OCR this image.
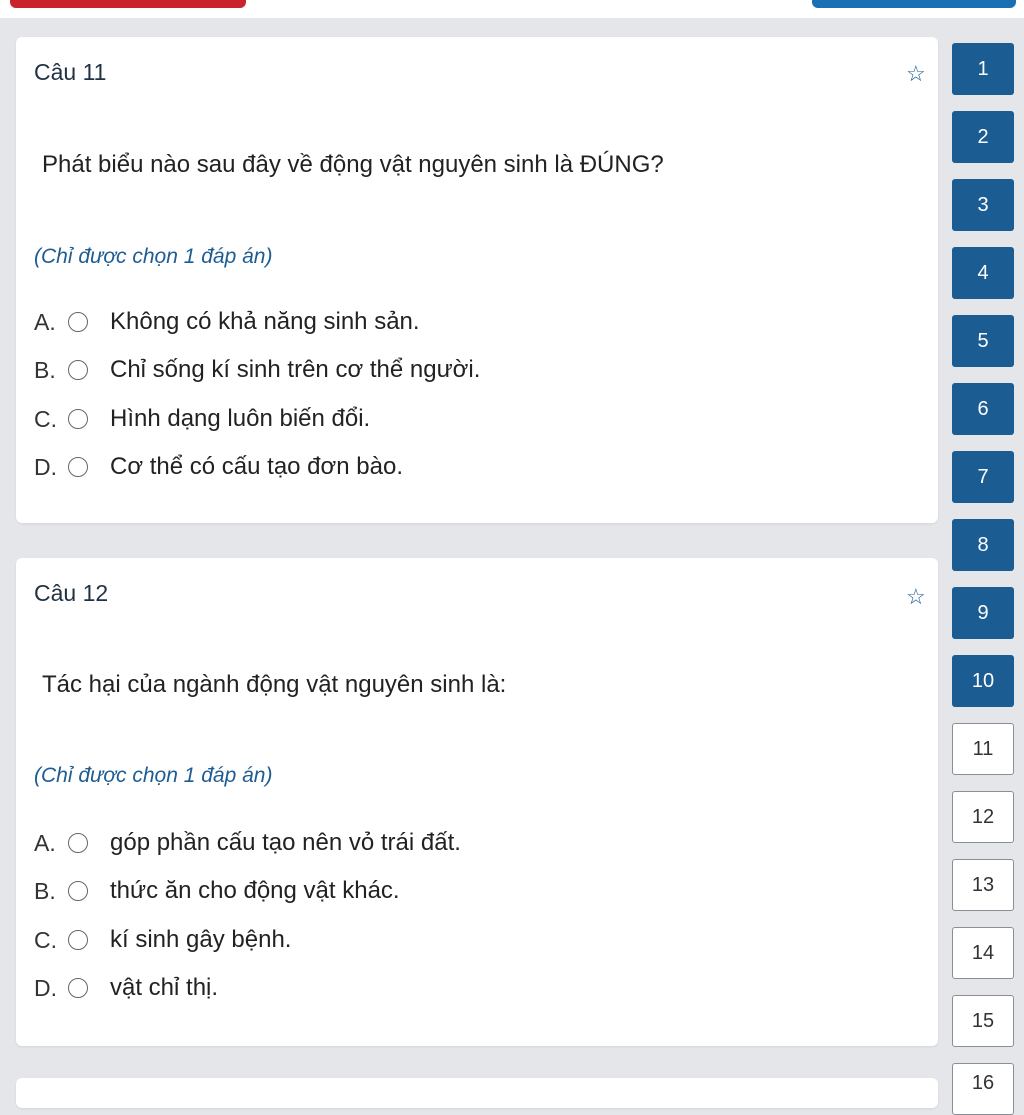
Câu 11	☆
Phát biểu nào sau đây về động vật nguyên sinh là ĐÚNG?
(Chỉ được chọn 1 đáp án)
A.	Không có khả năng sinh sản.
B.	Chỉ sống kí sinh trên cơ thể người.
C.	Hình dạng luôn biến đổi.
D.	Cơ thể có cấu tạo đơn bào.
Câu 12	☆
Tác hại của ngành động vật nguyên sinh là:
(Chỉ được chọn 1 đáp án)
A.	góp phần cấu tạo nên vỏ trái đất.
B.	thức ăn cho động vật khác.
C.	kí sinh gây bệnh.
D.	vật chỉ thị.
1
2
3
4
5
6
7
8
9
10
11
12
13
14
15
16
